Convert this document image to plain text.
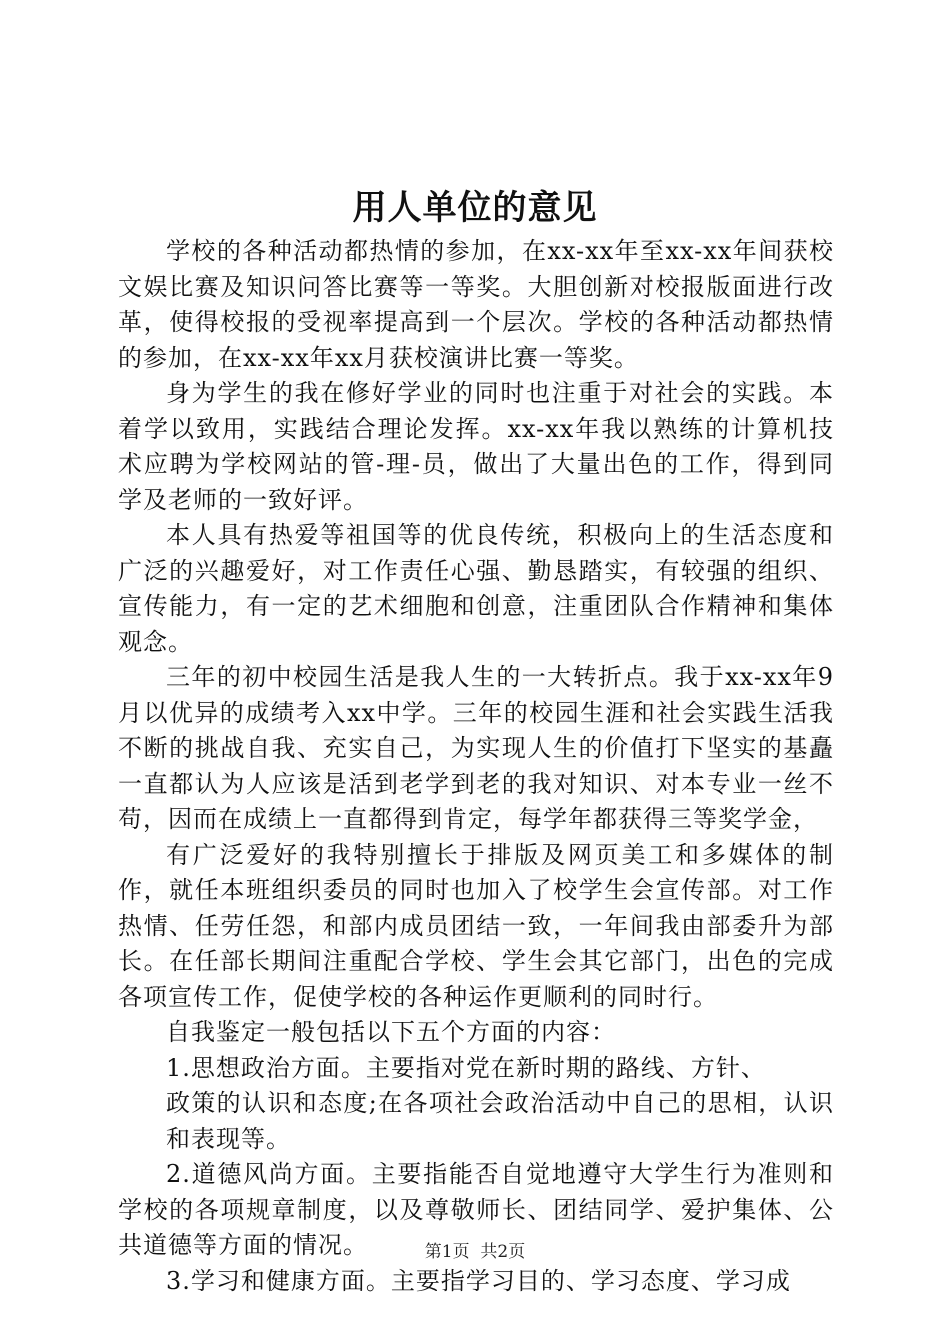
用人单位的意见

学校的各种活动都热情的参加，在xx-xx年至xx-xx年间获校文娱比赛及知识问答比赛等一等奖。大胆创新对校报版面进行改革，使得校报的受视率提高到一个层次。学校的各种活动都热情的参加，在xx-xx年xx月获校演讲比赛一等奖。

身为学生的我在修好学业的同时也注重于对社会的实践。本着学以致用，实践结合理论发挥。xx-xx年我以熟练的计算机技术应聘为学校网站的管-理-员，做出了大量出色的工作，得到同学及老师的一致好评。

本人具有热爱等祖国等的优良传统，积极向上的生活态度和广泛的兴趣爱好，对工作责任心强、勤恳踏实，有较强的组织、宣传能力，有一定的艺术细胞和创意，注重团队合作精神和集体观念。

三年的初中校园生活是我人生的一大转折点。我于xx-xx年9月以优异的成绩考入xx中学。三年的校园生涯和社会实践生活我不断的挑战自我、充实自己，为实现人生的价值打下坚实的基矗一直都认为人应该是活到老学到老的我对知识、对本专业一丝不苟，因而在成绩上一直都得到肯定，每学年都获得三等奖学金，

有广泛爱好的我特别擅长于排版及网页美工和多媒体的制作，就任本班组织委员的同时也加入了校学生会宣传部。对工作热情、任劳任怨，和部内成员团结一致，一年间我由部委升为部长。在任部长期间注重配合学校、学生会其它部门，出色的完成各项宣传工作，促使学校的各种运作更顺利的同时行。

自我鉴定一般包括以下五个方面的内容：

1.思想政治方面。主要指对党在新时期的路线、方针、

政策的认识和态度;在各项社会政治活动中自己的思相，认识和表现等。

2.道德风尚方面。主要指能否自觉地遵守大学生行为准则和学校的各项规章制度，以及尊敬师长、团结同学、爱护集体、公共道德等方面的情况。

3.学习和健康方面。主要指学习目的、学习态度、学习成

第1页  共2页
